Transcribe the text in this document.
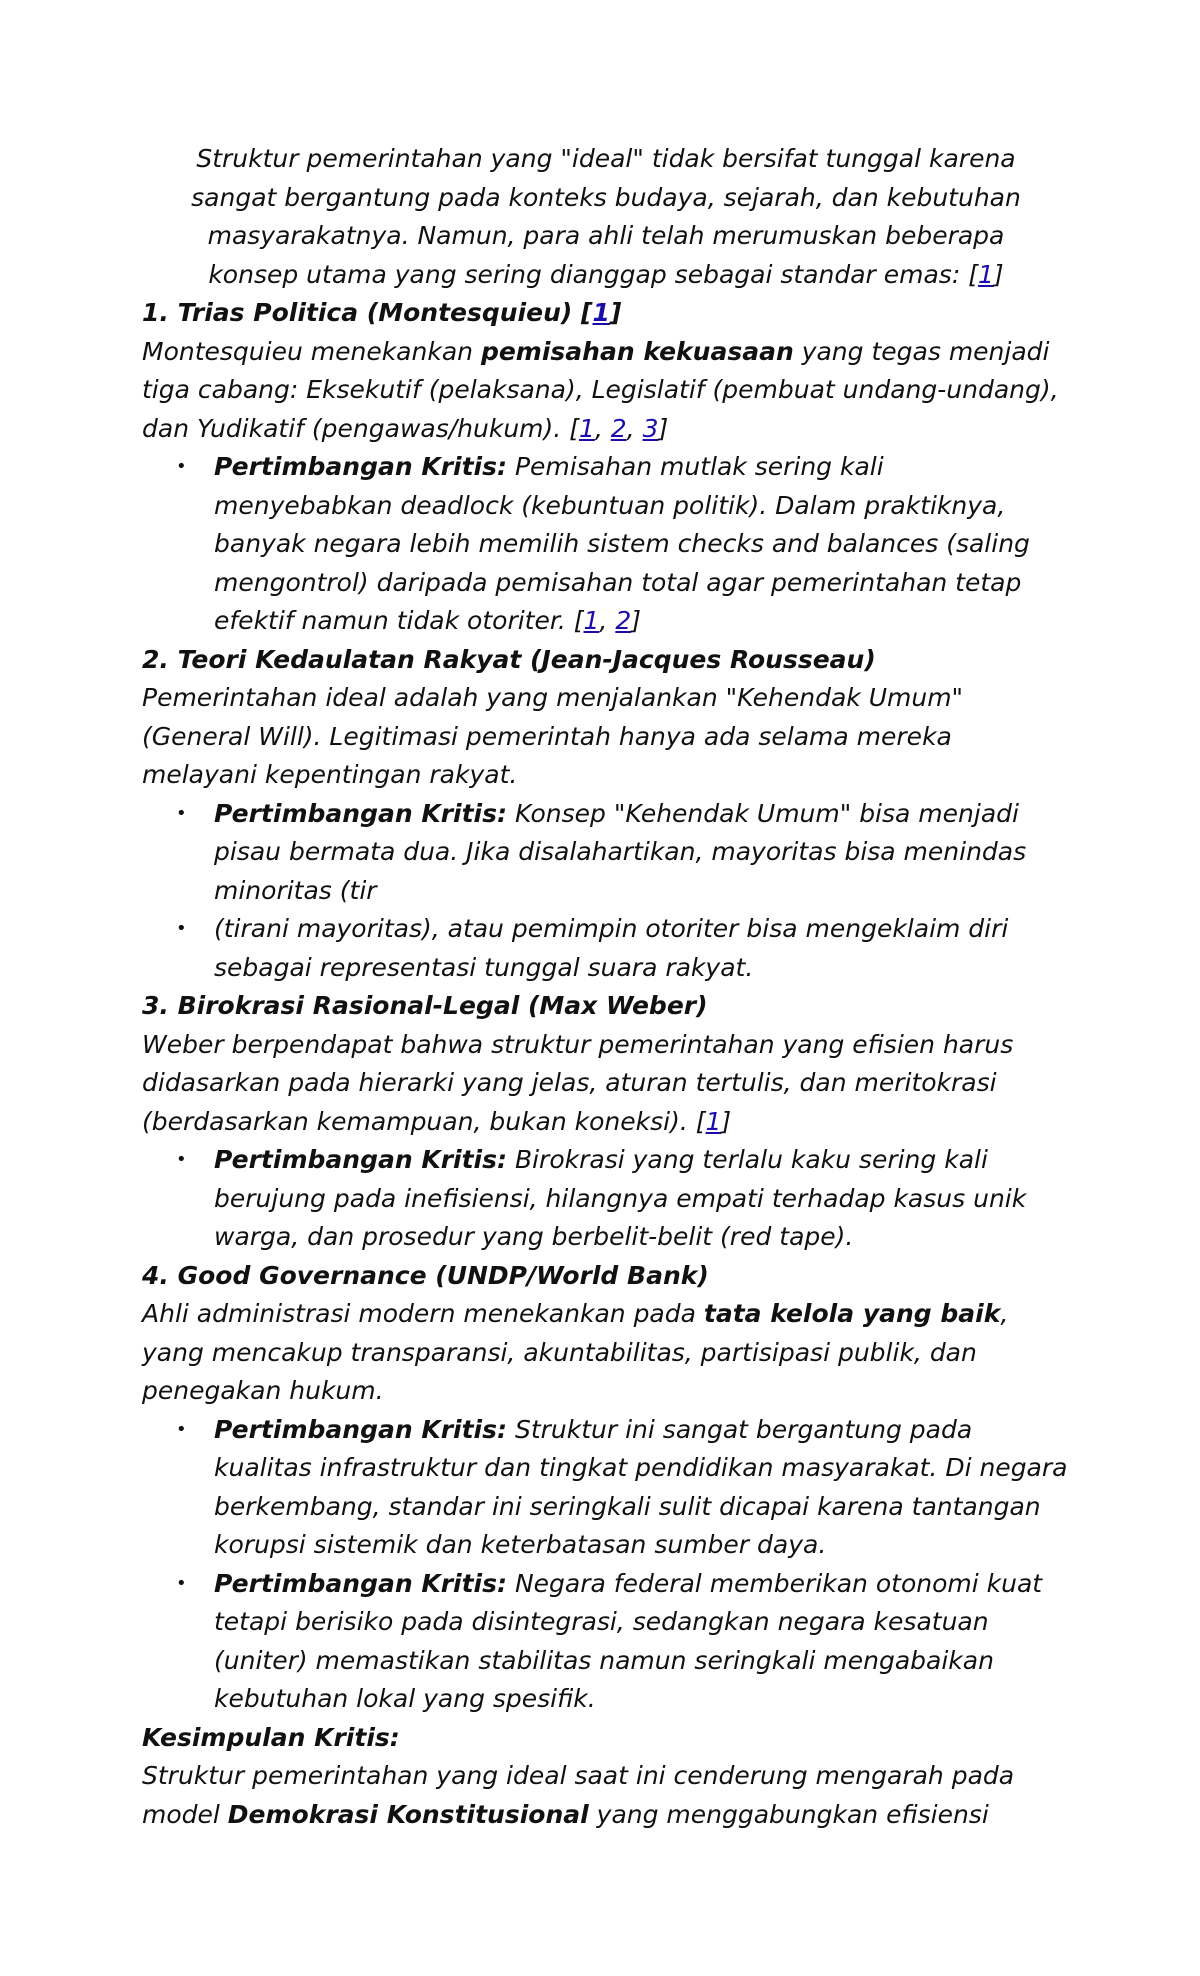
Struktur pemerintahan yang "ideal" tidak bersifat tunggal karena sangat bergantung pada konteks budaya, sejarah, dan kebutuhan masyarakatnya. Namun, para ahli telah merumuskan beberapa konsep utama yang sering dianggap sebagai standar emas: [1]

1. Trias Politica (Montesquieu) [1]

Montesquieu menekankan pemisahan kekuasaan yang tegas menjadi tiga cabang: Eksekutif (pelaksana), Legislatif (pembuat undang-undang), dan Yudikatif (pengawas/hukum). [1, 2, 3]

• Pertimbangan Kritis: Pemisahan mutlak sering kali menyebabkan deadlock (kebuntuan politik). Dalam praktiknya, banyak negara lebih memilih sistem checks and balances (saling mengontrol) daripada pemisahan total agar pemerintahan tetap efektif namun tidak otoriter. [1, 2]

2. Teori Kedaulatan Rakyat (Jean-Jacques Rousseau)

Pemerintahan ideal adalah yang menjalankan "Kehendak Umum" (General Will). Legitimasi pemerintah hanya ada selama mereka melayani kepentingan rakyat.

• Pertimbangan Kritis: Konsep "Kehendak Umum" bisa menjadi pisau bermata dua. Jika disalahartikan, mayoritas bisa menindas minoritas (tir
• (tirani mayoritas), atau pemimpin otoriter bisa mengeklaim diri sebagai representasi tunggal suara rakyat.

3. Birokrasi Rasional-Legal (Max Weber)

Weber berpendapat bahwa struktur pemerintahan yang efisien harus didasarkan pada hierarki yang jelas, aturan tertulis, dan meritokrasi (berdasarkan kemampuan, bukan koneksi). [1]

• Pertimbangan Kritis: Birokrasi yang terlalu kaku sering kali berujung pada inefisiensi, hilangnya empati terhadap kasus unik warga, dan prosedur yang berbelit-belit (red tape).

4. Good Governance (UNDP/World Bank)

Ahli administrasi modern menekankan pada tata kelola yang baik, yang mencakup transparansi, akuntabilitas, partisipasi publik, dan penegakan hukum.

• Pertimbangan Kritis: Struktur ini sangat bergantung pada kualitas infrastruktur dan tingkat pendidikan masyarakat. Di negara berkembang, standar ini seringkali sulit dicapai karena tantangan korupsi sistemik dan keterbatasan sumber daya.
• Pertimbangan Kritis: Negara federal memberikan otonomi kuat tetapi berisiko pada disintegrasi, sedangkan negara kesatuan (uniter) memastikan stabilitas namun seringkali mengabaikan kebutuhan lokal yang spesifik.

Kesimpulan Kritis:

Struktur pemerintahan yang ideal saat ini cenderung mengarah pada model Demokrasi Konstitusional yang menggabungkan efisiensi
